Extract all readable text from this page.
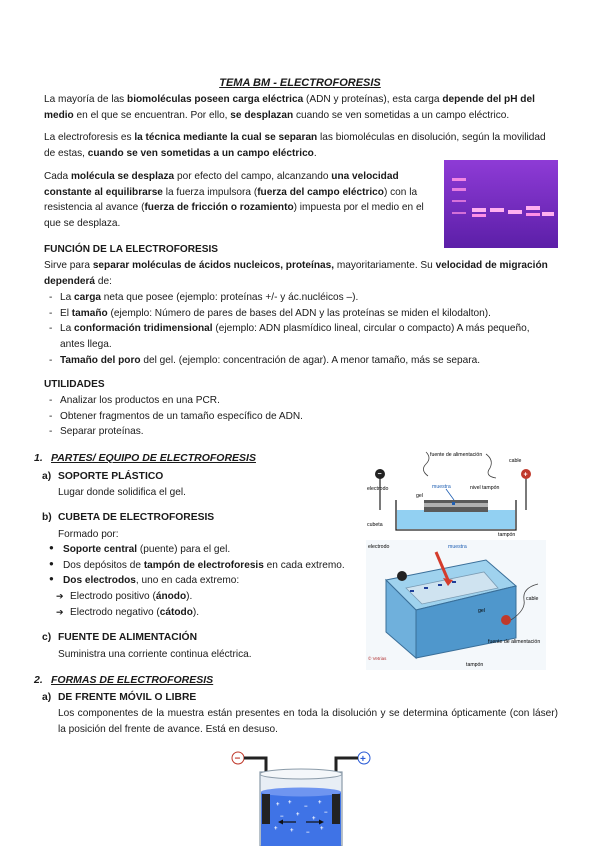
TEMA BM - ELECTROFORESIS

La mayoría de las biomoléculas poseen carga eléctrica (ADN y proteínas), esta carga depende del pH del medio en el que se encuentran. Por ello, se desplazan cuando se ven sometidas a un campo eléctrico.

La electroforesis es la técnica mediante la cual se separan las biomoléculas en disolución, según la movilidad de estas, cuando se ven sometidas a un campo eléctrico.

Cada molécula se desplaza por efecto del campo, alcanzando una velocidad constante al equilibrarse la fuerza impulsora (fuerza del campo eléctrico) con la resistencia al avance (fuerza de fricción o rozamiento) impuesta por el medio en el que se desplaza.

FUNCIÓN DE LA ELECTROFORESIS

Sirve para separar moléculas de ácidos nucleicos, proteínas, mayoritariamente. Su velocidad de migración dependerá de:

- La carga neta que posee (ejemplo: proteínas +/- y ác.nucléicos –).
- El tamaño (ejemplo: Número de pares de bases del ADN y las proteínas se miden el kilodalton).
- La conformación tridimensional (ejemplo: ADN plasmídico lineal, circular o compacto) A más pequeño, antes llega.
- Tamaño del poro del gel. (ejemplo: concentración de agar). A menor tamaño, más se separa.
UTILIDADES
- Analizar los productos en una PCR.
- Obtener fragmentos de un tamaño específico de ADN.
- Separar proteínas.
1. PARTES/ EQUIPO DE ELECTROFORESIS
a) SOPORTE PLÁSTICO
Lugar donde solidifica el gel.
b) CUBETA DE ELECTROFORESIS
Formado por:
● Soporte central (puente) para el gel.
● Dos depósitos de tampón de electroforesis en cada extremo.
● Dos electrodos, uno en cada extremo:
➔ Electrodo positivo (ánodo).
➔ Electrodo negativo (cátodo).
c) FUENTE DE ALIMENTACIÓN
Suministra una corriente continua eléctrica.
fuente de alimentación
cable
−	+
electrodo	muestra	nivel tampón
gel
cubeta
tampón
electrodo	muestra
gel
cable
fuente de alimentación
tampón
© Vetrias
2. FORMAS DE ELECTROFORESIS
a) DE FRENTE MÓVIL O LIBRE

Los componentes de la muestra están presentes en toda la disolución y se determina ópticamente (con láser) la posición del frente de avance. Está en desuso.

−	+
+ +
−
+
− +
+
−
+ + −
+
